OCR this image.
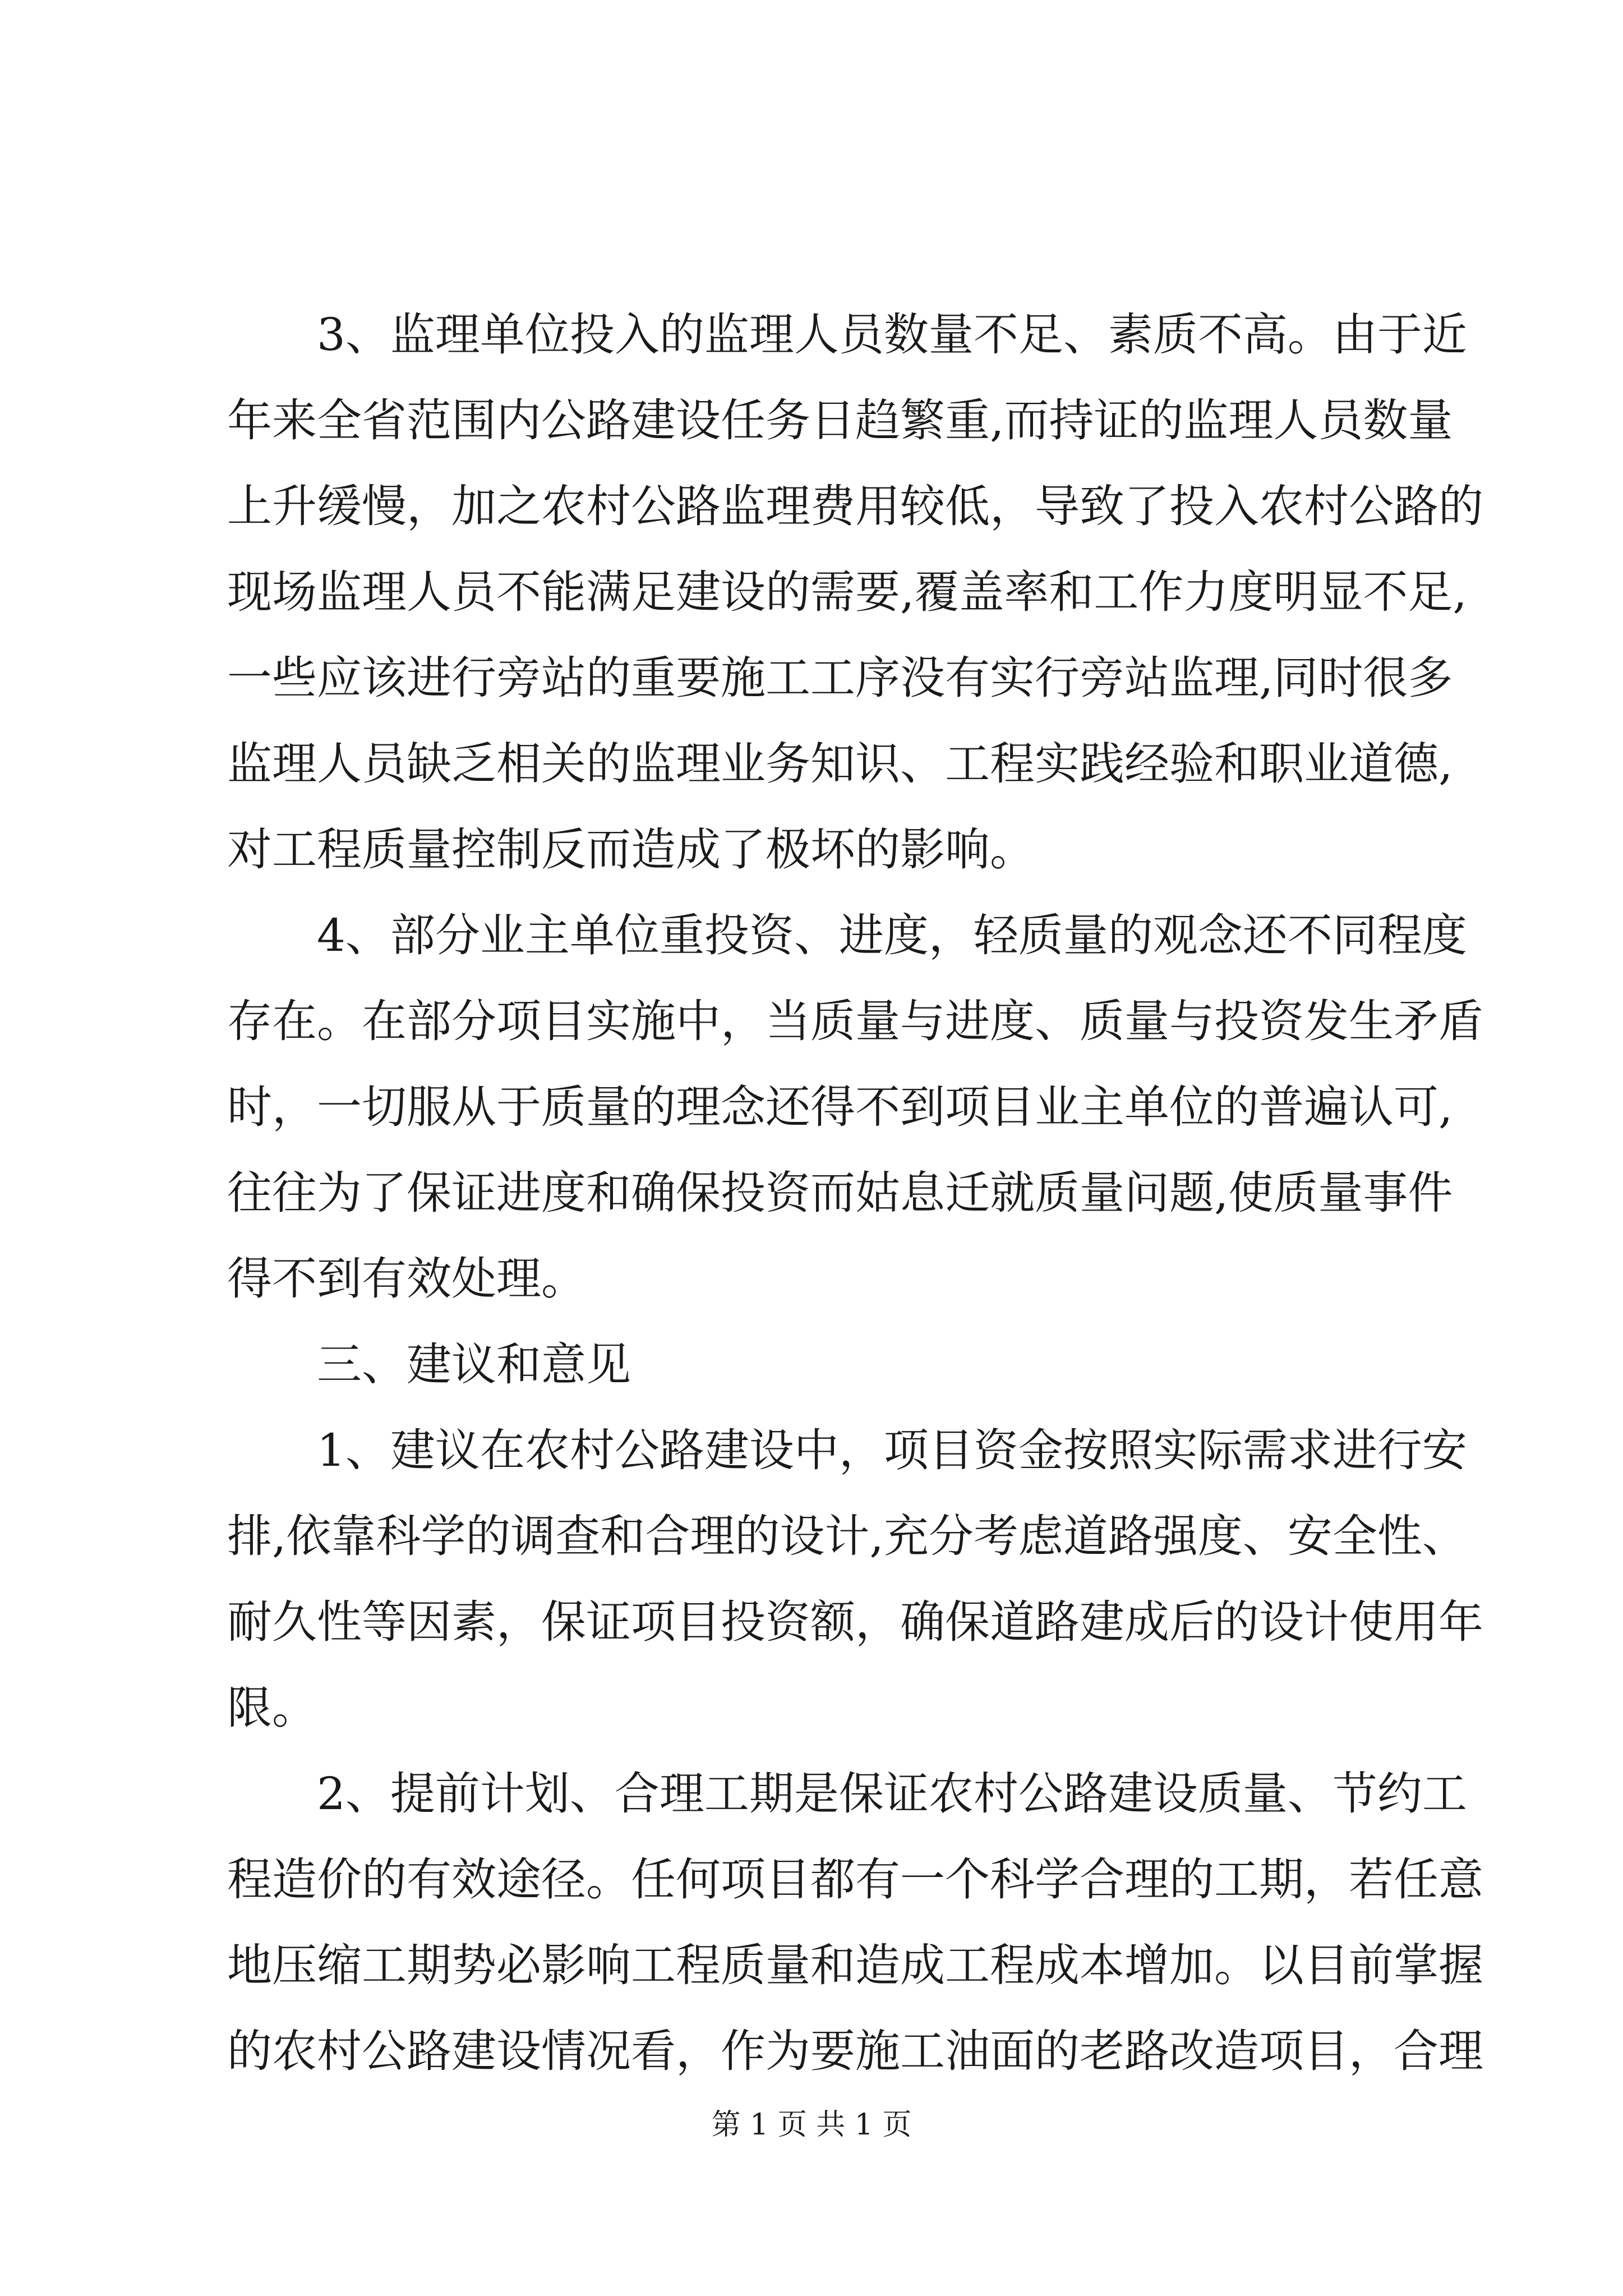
3、监理单位投入的监理人员数量不足、素质不高。由于近
年来全省范围内公路建设任务日趋繁重,而持证的监理人员数量
上升缓慢，加之农村公路监理费用较低，导致了投入农村公路的
现场监理人员不能满足建设的需要,覆盖率和工作力度明显不足,
一些应该进行旁站的重要施工工序没有实行旁站监理,同时很多
监理人员缺乏相关的监理业务知识、工程实践经验和职业道德,
对工程质量控制反而造成了极坏的影响。
4、部分业主单位重投资、进度，轻质量的观念还不同程度
存在。在部分项目实施中，当质量与进度、质量与投资发生矛盾
时，一切服从于质量的理念还得不到项目业主单位的普遍认可,
往往为了保证进度和确保投资而姑息迁就质量问题,使质量事件
得不到有效处理。
三、建议和意见
1、建议在农村公路建设中，项目资金按照实际需求进行安
排,依靠科学的调查和合理的设计,充分考虑道路强度、安全性、
耐久性等因素，保证项目投资额，确保道路建成后的设计使用年
限。
2、提前计划、合理工期是保证农村公路建设质量、节约工
程造价的有效途径。任何项目都有一个科学合理的工期，若任意
地压缩工期势必影响工程质量和造成工程成本增加。以目前掌握
的农村公路建设情况看，作为要施工油面的老路改造项目，合理
第 1 页 共 1 页
